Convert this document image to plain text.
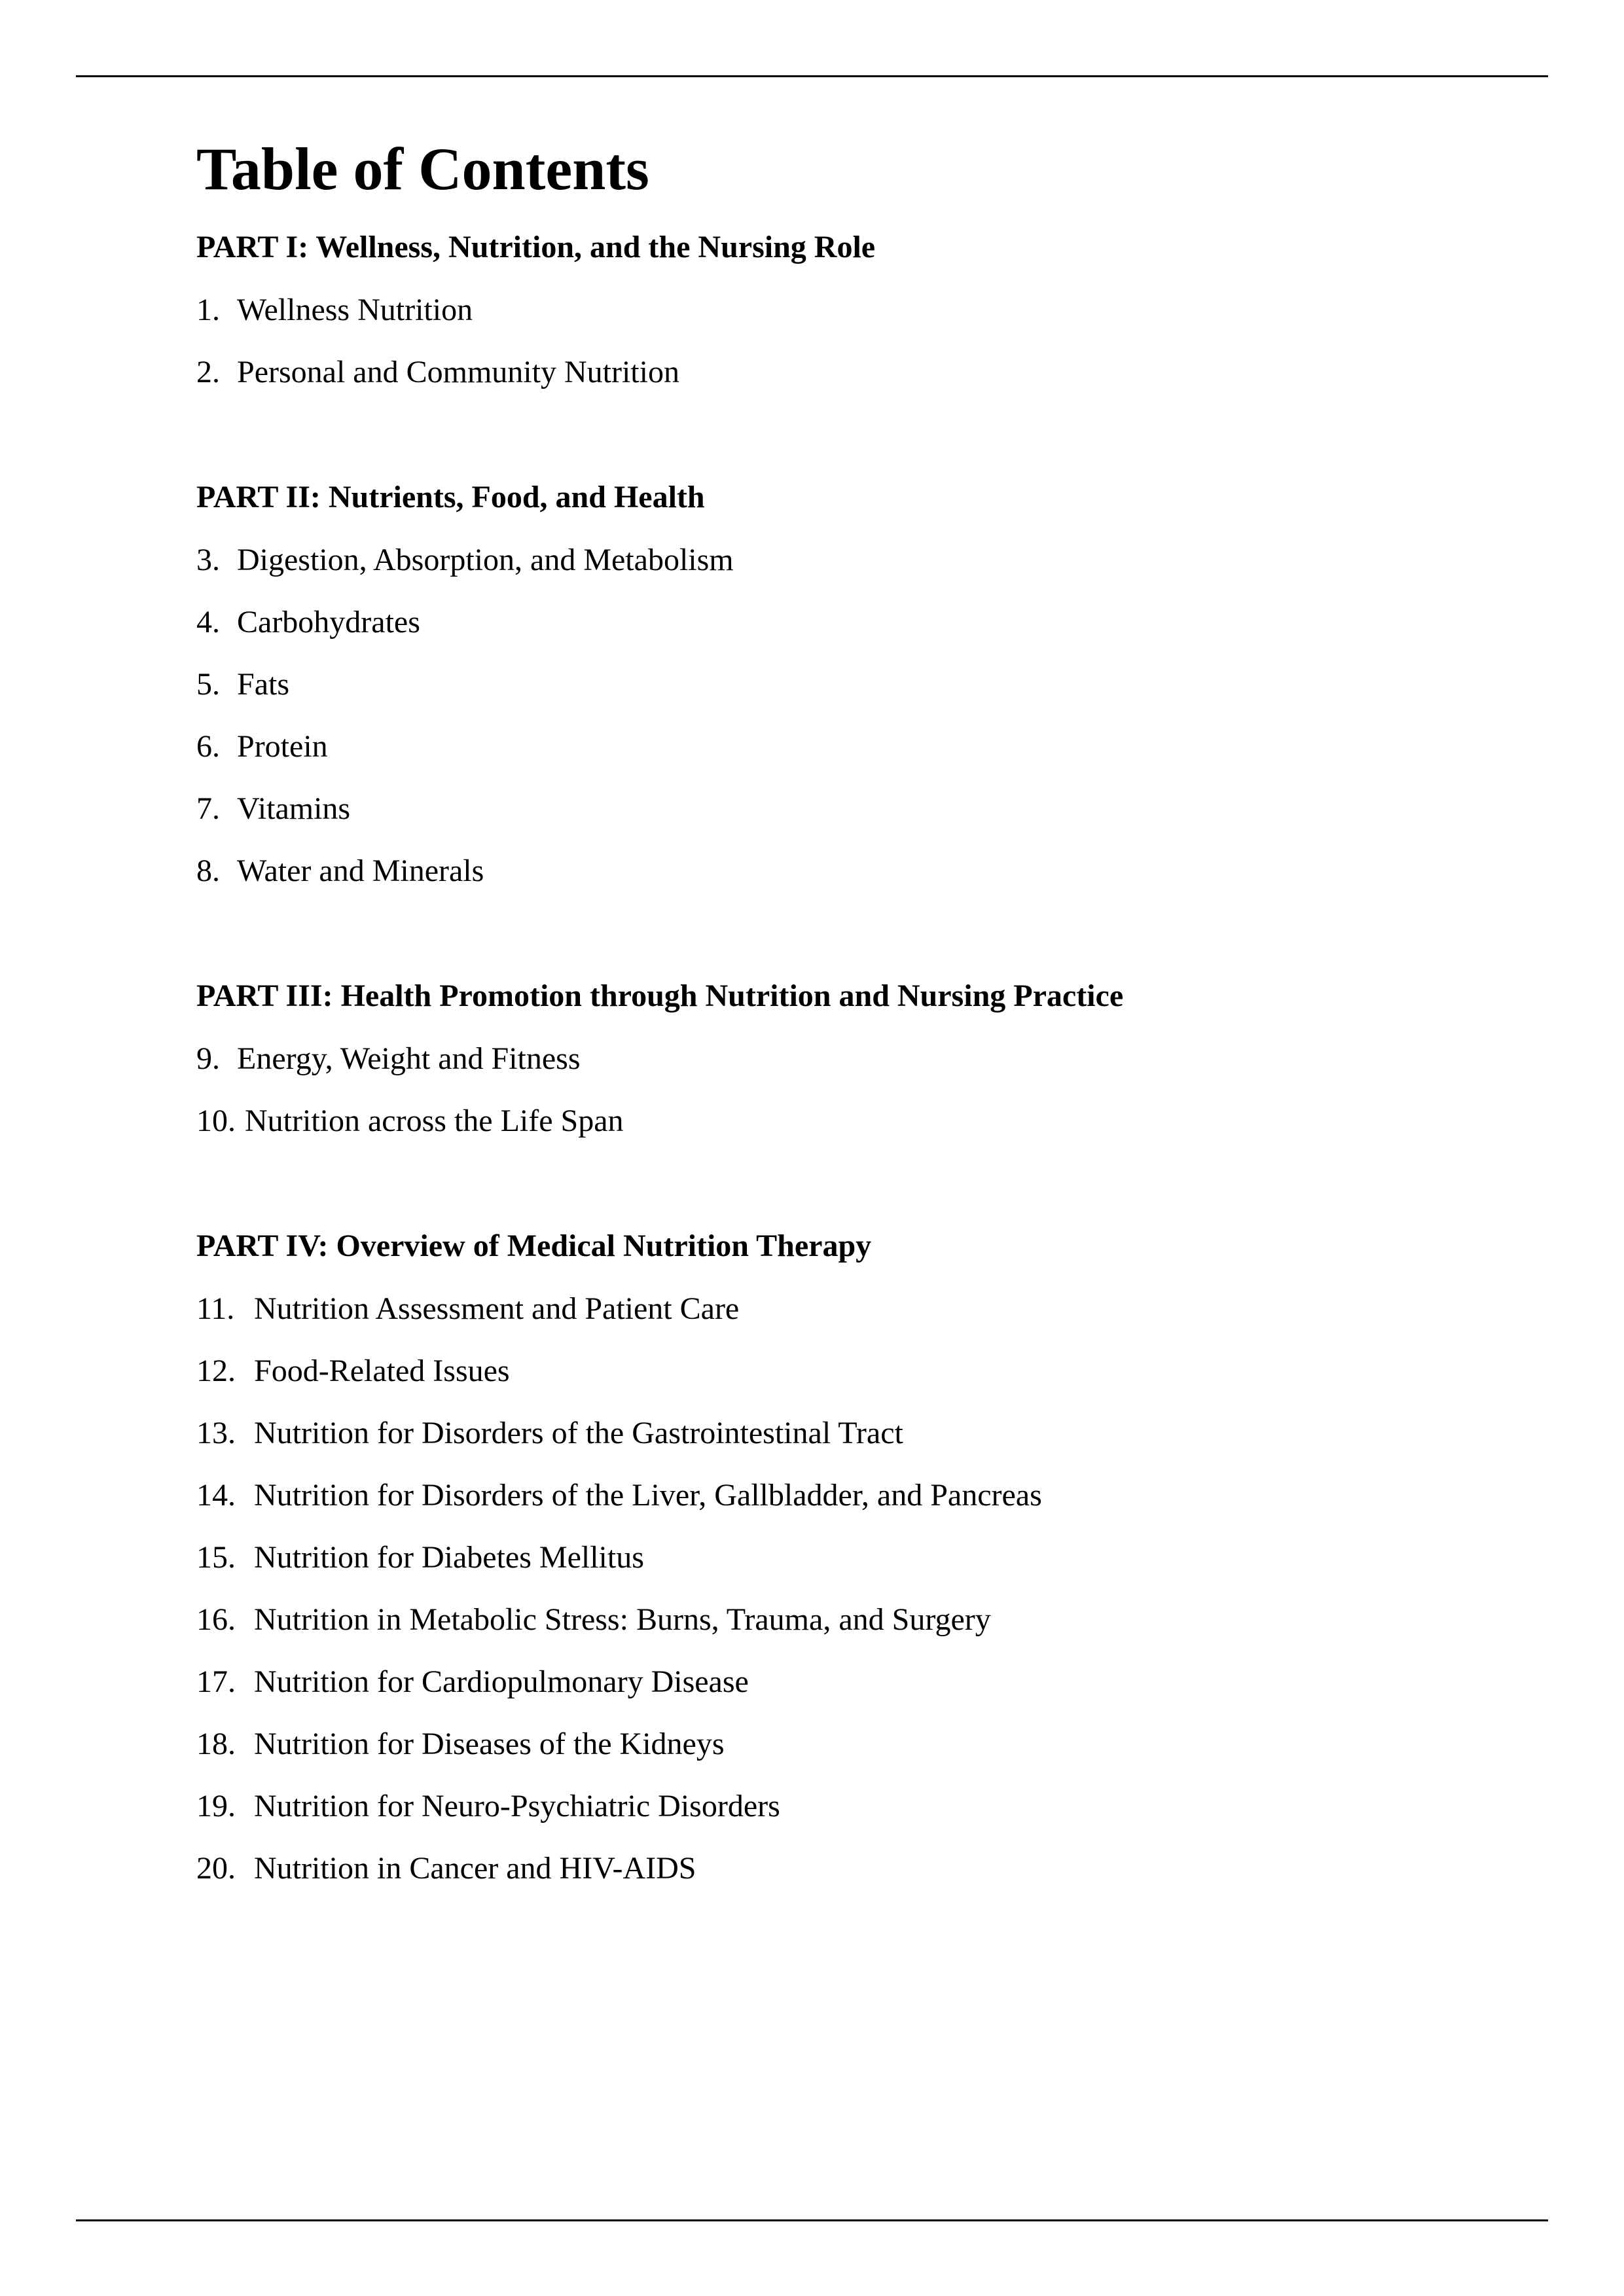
Table of Contents
PART I: Wellness, Nutrition, and the Nursing Role
1. Wellness Nutrition
2. Personal and Community Nutrition
PART II: Nutrients, Food, and Health
3. Digestion, Absorption, and Metabolism
4. Carbohydrates
5. Fats
6. Protein
7. Vitamins
8. Water and Minerals
PART III: Health Promotion through Nutrition and Nursing Practice
9. Energy, Weight and Fitness
10. Nutrition across the Life Span
PART IV: Overview of Medical Nutrition Therapy
11. Nutrition Assessment and Patient Care
12. Food-Related Issues
13. Nutrition for Disorders of the Gastrointestinal Tract
14. Nutrition for Disorders of the Liver, Gallbladder, and Pancreas
15. Nutrition for Diabetes Mellitus
16. Nutrition in Metabolic Stress: Burns, Trauma, and Surgery
17. Nutrition for Cardiopulmonary Disease
18. Nutrition for Diseases of the Kidneys
19. Nutrition for Neuro-Psychiatric Disorders
20. Nutrition in Cancer and HIV-AIDS
